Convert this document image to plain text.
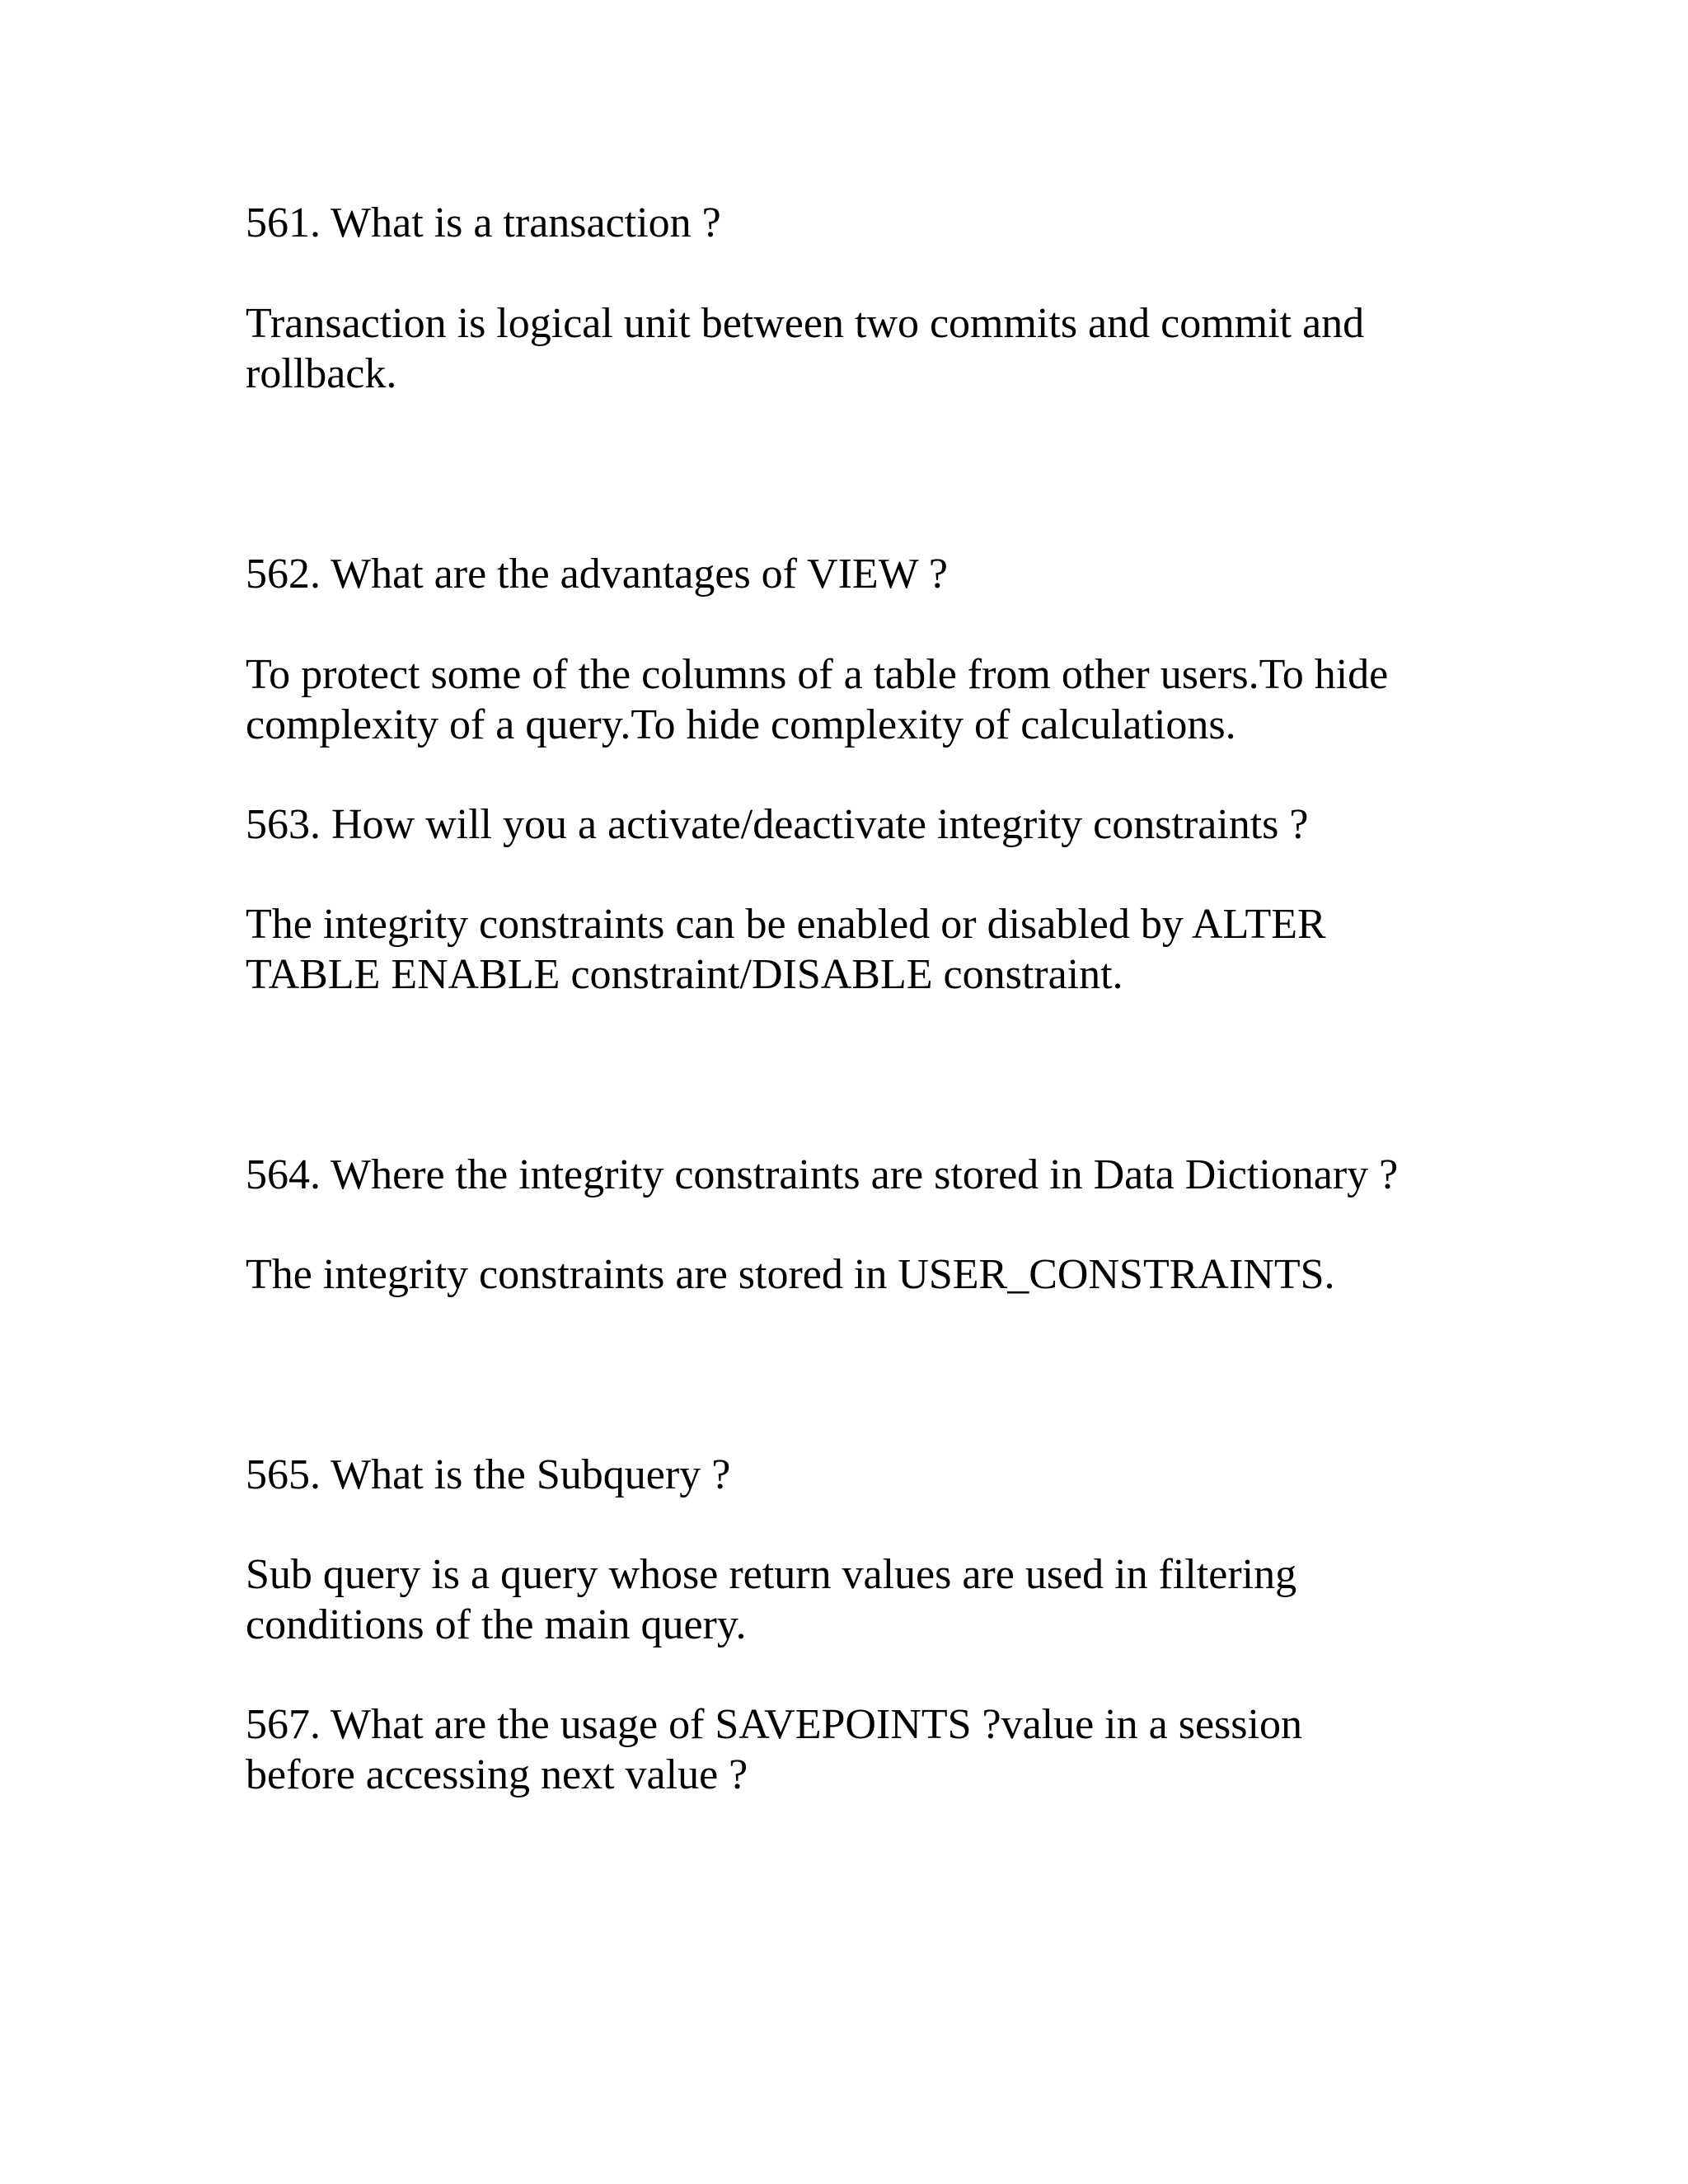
561. What is a transaction ?

Transaction is logical unit between two commits and commit and

rollback.

562. What are the advantages of VIEW ?

To protect some of the columns of a table from other users.To hide

complexity of a query.To hide complexity of calculations.

563. How will you a activate/deactivate integrity constraints ?

The integrity constraints can be enabled or disabled by ALTER

TABLE ENABLE constraint/DISABLE constraint.

564. Where the integrity constraints are stored in Data Dictionary ?

The integrity constraints are stored in USER_CONSTRAINTS.

565. What is the Subquery ?

Sub query is a query whose return values are used in filtering

conditions of the main query.

567. What are the usage of SAVEPOINTS ?value in a session

before accessing next value ?
